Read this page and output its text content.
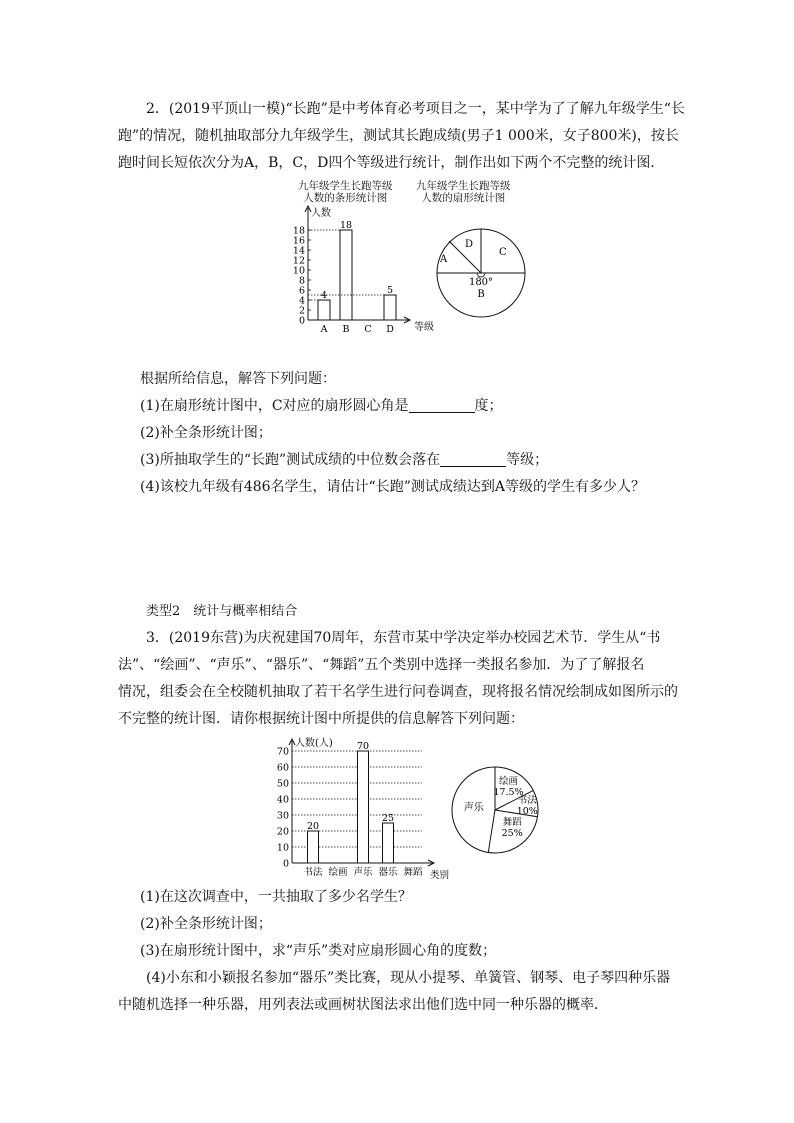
2．(2019平顶山一模)“长跑”是中考体育必考项目之一，某中学为了了解九年级学生“长
跑”的情况，随机抽取部分九年级学生，测试其长跑成绩(男子1 000米，女子800米)，按长
跑时间长短依次分为A，B，C，D四个等级进行统计，制作出如下两个不完整的统计图．

九年级学生长跑等级
人数的条形统计图
九年级学生长跑等级
人数的扇形统计图
人数
等级
0
2
4
6
8
10
12
14
16
18
A
4
B
18
C D
5
A
D
C
180°
B
根据所给信息，解答下列问题：
(1)在扇形统计图中，C对应的扇形圆心角是	度；
(2)补全条形统计图；
(3)所抽取学生的“长跑”测试成绩的中位数会落在	等级；
(4)该校九年级有486名学生，请估计“长跑”测试成绩达到A等级的学生有多少人？
类型2　统计与概率相结合

3．(2019东营)为庆祝建国70周年，东营市某中学决定举办校园艺术节．学生从“书
法”、“绘画”、“声乐”、“器乐”、“舞蹈”五个类别中选择一类报名参加．为了了解报名
情况，组委会在全校随机抽取了若干名学生进行问卷调查，现将报名情况绘制成如图所示的
不完整的统计图．请你根据统计图中所提供的信息解答下列问题：

人数(人)
类别
0
10
20
30
40
50
60
70
书法
20
绘画 声乐
70
器乐
25
舞蹈
绘画
17.5%
书法
10%
舞蹈
25%
声乐
(1)在这次调查中，一共抽取了多少名学生？
(2)补全条形统计图；
(3)在扇形统计图中，求“声乐”类对应扇形圆心角的度数；
(4)小东和小颖报名参加“器乐”类比赛，现从小提琴、单簧管、钢琴、电子琴四种乐器
中随机选择一种乐器，用列表法或画树状图法求出他们选中同一种乐器的概率．
